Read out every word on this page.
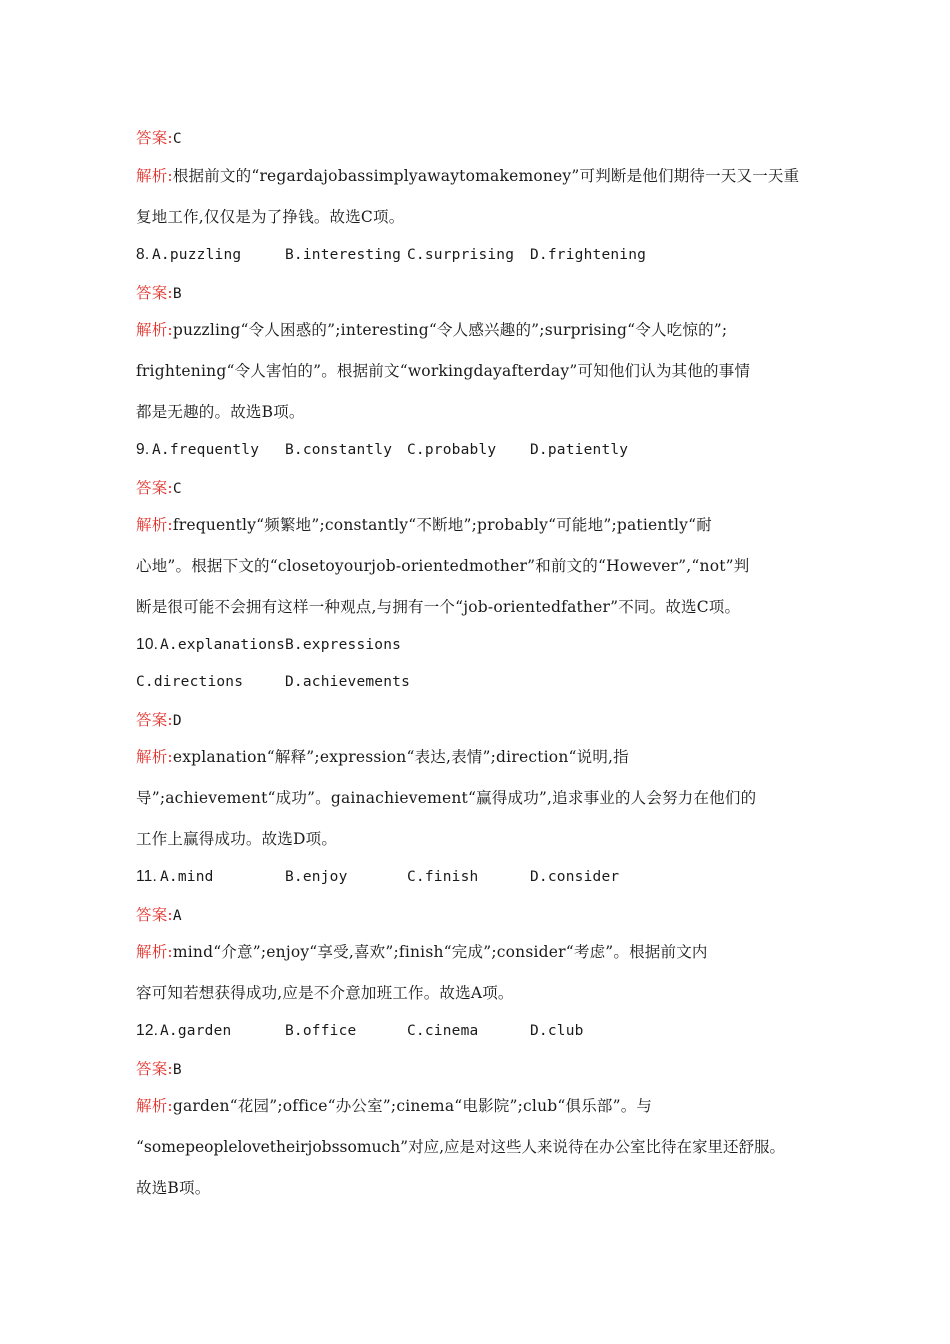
答案:C
解析:根据前文的“regardajobassimplyawaytomakemoney”可判断是他们期待一天又一天重
复地工作,仅仅是为了挣钱。故选C项。
8. A.puzzling	B.interesting C.surprising D.frightening
答案:B
解析:puzzling“令人困惑的”;interesting“令人感兴趣的”;surprising“令人吃惊的”;
frightening“令人害怕的”。根据前文“workingdayafterday”可知他们认为其他的事情
都是无趣的。故选B项。
9. A.frequently B.constantly C.probably D.patiently
答案:C
解析:frequently“频繁地”;constantly“不断地”;probably“可能地”;patiently“耐
心地”。根据下文的“closetoyourjob-orientedmother”和前文的“However”,“not”判
断是很可能不会拥有这样一种观点,与拥有一个“job-orientedfather”不同。故选C项。
10. A.explanations B.expressions
C.directions	D.achievements
答案:D
解析:explanation“解释”;expression“表达,表情”;direction“说明,指
导”;achievement“成功”。gainachievement“赢得成功”,追求事业的人会努力在他们的
工作上赢得成功。故选D项。
11. A.mind	B.enjoy	C.finish	D.consider
答案:A
解析:mind“介意”;enjoy“享受,喜欢”;finish“完成”;consider“考虑”。根据前文内
容可知若想获得成功,应是不介意加班工作。故选A项。
12. A.garden	B.office	C.cinema	D.club
答案:B
解析:garden“花园”;office“办公室”;cinema“电影院”;club“俱乐部”。与
“somepeoplelovetheirjobssomuch”对应,应是对这些人来说待在办公室比待在家里还舒服。
故选B项。
